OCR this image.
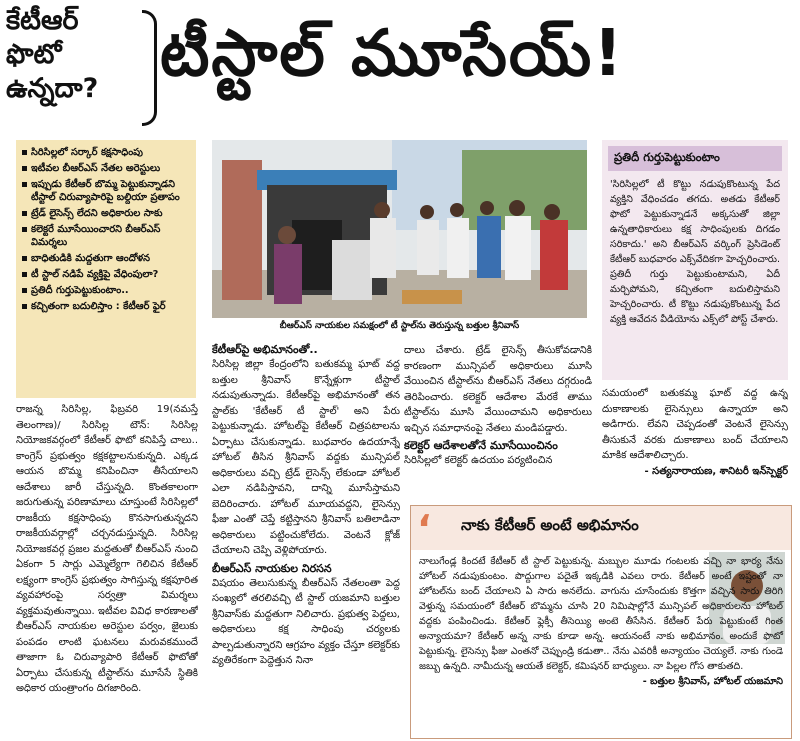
కేటీఆర్
ఫొటో
ఉన్నదా? టీస్టాల్ మూసేయ్!
సిరిసిల్లలో సర్కార్ కక్షసాధింపు
ఇటీవల బీఆర్ఎస్ నేతల అరెస్టులు
ఇప్పుడు కేటీఆర్ బొమ్మ పెట్టుకున్నాడని టీస్టాల్ చిరువ్యాపారిపై బల్దియా ప్రతాపం
ట్రేడ్ లైసెన్స్ లేదని అధికారుల సాకు
కలెక్టరే మూసేయించారని బీఆర్ఎస్ విమర్శలు
బాధితుడికి మద్దతుగా ఆందోళన
టీ స్టాల్ నడిపే వ్యక్తిపై వేధింపులా?
ప్రతిదీ గుర్తుపెట్టుకుంటాం..
కచ్చితంగా బదులిస్తాం : కేటీఆర్ ఫైర్
రాజన్న సిరిసిల్ల, ఫిబ్రవరి 19(నమస్తే తెలంగాణ)/ సిరిసిల్ల టౌన్: సిరిసిల్ల నియోజకవర్గంలో కేటీఆర్ ఫొటో కనిపిస్తే చాలు.. కాంగ్రెస్ ప్రభుత్వం కక్షకట్టాలనుకున్నది. ఎక్కడ ఆయన బొమ్మ కనిపించినా తీసేయాలని ఆదేశాలు జారీ చేస్తున్నది. కొంతకాలంగా జరుగుతున్న పరిణామాలు చూస్తుంటే సిరిసిల్లలో రాజకీయ కక్షసాధింపు కొనసాగుతున్నదని రాజకీయవర్గాల్లో చర్చనడుస్తున్నది. సిరిసిల్ల నియోజకవర్గ ప్రజల మద్దతుతో బీఆర్ఎస్ నుంచి ఏకంగా 5 సార్లు ఎమ్మెల్యేగా గెలిచిన కేటీఆర్ లక్ష్యంగా కాంగ్రెస్ ప్రభుత్వం సాగిస్తున్న కక్షపూరిత వ్యవహారంపై సర్వత్రా విమర్శలు వ్యక్తమవుతున్నాయి. ఇటీవల వివిధ కారణాలతో బీఆర్ఎస్ నాయకుల అరెస్టుల పర్వం, జైలుకు పంపడం లాంటి ఘటనలు మరువకముందే తాజాగా ఓ చిరువ్యాపారి కేటీఆర్ ఫొటోతో ఏర్పాటు చేసుకున్న టీస్టాల్‌ను మూసేసే స్థితికి అధికార యంత్రాంగం దిగజారింది.
బీఆర్ఎస్ నాయకుల సమక్షంలో టీ స్టాల్‌ను తెరుస్తున్న బత్తుల శ్రీనివాస్
కేటీఆర్‌పై అభిమానంతో..
సిరిసిల్ల జిల్లా కేంద్రంలోని బతుకమ్మ ఘాట్ వద్ద బత్తుల శ్రీనివాస్ కొన్నేళ్లుగా టీస్టాల్ నడుపుతున్నాడు. కేటీఆర్‌పై అభిమానంతో తన స్టాల్‌కు 'కేటీఆర్ టీ స్టాల్' అని పేరు పెట్టుకున్నాడు. హోటల్‌పై కేటీఆర్ చిత్రపటాలను ఏర్పాటు చేసుకున్నాడు. బుధవారం ఉదయాన్నే హోటల్ తీసిన శ్రీనివాస్ వద్దకు మున్సిపల్ అధికారులు వచ్చి ట్రేడ్ లైసెన్స్ లేకుండా హోటల్ ఎలా నడిపిస్తావని, దాన్ని మూసేస్తామని బెదిరించారు. హోటల్ మూయవద్దని, లైసెన్సు ఫీజు ఎంతో చెప్తే కట్టిస్తానని శ్రీనివాస్ బతిలాడినా అధికారులు పట్టించుకోలేదు. వెంటనే క్లోజ్ చేయాలని చెప్పి వెళ్లిపోయారు.
బీఆర్ఎస్ నాయకుల నిరసన
విషయం తెలుసుకున్న బీఆర్ఎస్ నేతలంతా పెద్ద సంఖ్యలో తరలివచ్చి టీ స్టాల్ యజమాని బత్తుల శ్రీనివాస్‌కు మద్దతుగా నిలిచారు. ప్రభుత్వ పెద్దలు, అధికారులు కక్ష సాధింపు చర్యలకు పాల్పడుతున్నారని ఆగ్రహం వ్యక్తం చేస్తూ కలెక్టర్‌కు వ్యతిరేకంగా పెద్దెత్తున నినా
దాలు చేశారు. ట్రేడ్ లైసెన్స్ తీసుకోవడానికి కారణంగా మున్సిపల్ అధికారులు మూసి వేయించిన టీస్టాల్‌ను బీఆర్ఎస్ నేతలు దగ్గరుండి తెరిపించారు. కలెక్టర్ ఆదేశాల మేరకే తాము టీస్టాల్‌ను మూసి వేయించామని అధికారులు ఇచ్చిన సమాధానంపై నేతలు మండిపడ్డారు.
కలెక్టర్ ఆదేశాలతోనే మూసేయించినం
సిరిసిల్లలో కలెక్టర్ ఉదయం పర్యటించిన
ప్రతిదీ గుర్తుపెట్టుకుంటాం
'సిరిసిల్లలో టీ కొట్టు నడుపుకొంటున్న పేద వ్యక్తిని వేధించడం తగదు. అతడు కేటీఆర్ ఫొటో పెట్టుకున్నాడనే అక్కసుతో జిల్లా ఉన్నతాధికారులు కక్ష సాధింపులకు దిగడం సరికాదు.' అని బీఆర్ఎస్ వర్కింగ్ ప్రెసిడెంట్ కేటీఆర్ బుధవారం ఎక్స్‌వేదికగా హెచ్చరించారు. ప్రతిదీ గుర్తు పెట్టుకుంటామని, ఏదీ మర్చిపోమని, కచ్చితంగా బదులిస్తామని హెచ్చరించారు. టీ కొట్టు నడుపుకొంటున్న పేద వ్యక్తి ఆవేదన వీడియోను ఎక్స్‌లో పోస్ట్ చేశారు.
సమయంలో బతుకమ్మ ఘాట్ వద్ద ఉన్న దుకాణాలకు లైసెన్సులు ఉన్నాయా అని అడిగారు. లేవని చెప్పడంతో వెంటనే లైసెన్సు తీసుకునే వరకు దుకాణాలు బంద్ చేయాలని మాకిక ఆదేశాలిచ్చారు.
- సత్యనారాయణ, శానిటరీ ఇన్‌స్పెక్టర్
‘ నాకు కేటీఆర్ అంటే అభిమానం
నాలుగేండ్ల కిందటే కేటీఆర్ టీ స్టాల్ పెట్టుకున్న. మబ్బుల మూడు గంటలకు వచ్చి నా భార్య నేను హోటల్ నడుపుకుంటం. పొద్దుగాల పదైతే ఇక్కడికి ఎవలు రారు. కేటీఆర్ అంటే ఇష్టంతో నా హోటల్‌ను బంద్ చేయాలని ఏ సారు అనలేదు. వాగును చూసేందుకు కొత్తగా వచ్చిన సారు తిరిగి వెళ్తున్న సమయంలో కేటీఆర్ బొమ్మను చూసి 20 నిమిషాల్లోనే మున్సిపల్ అధికారులను హోటల్ వద్దకు పంపించిండు. కేటీఆర్ ఫ్లెక్సీ తీసెయ్యి అంటె తీసేసిన. కేటీఆర్ పేరు పెట్టుకుంటే గింత అన్యాయమా? కేటీఆర్ అన్న నాకు కూడా అన్న. ఆయనంటే నాకు అభిమానం. అందుకే ఫొటో పెట్టుకున్న. లైసెన్సు ఫీజు ఎంతనో చెప్పుండ్రి కడుతా.. నేను ఎవరికీ అన్యాయం చెయ్యలే. నాకు గుండె జబ్బు ఉన్నది. నామీదున్న ఆయతే కలెక్టర్, కమిషనర్ బాధ్యులు. నా పిల్లల గోస తాకుతది.
- బత్తుల శ్రీనివాస్, హోటల్ యజమాని
